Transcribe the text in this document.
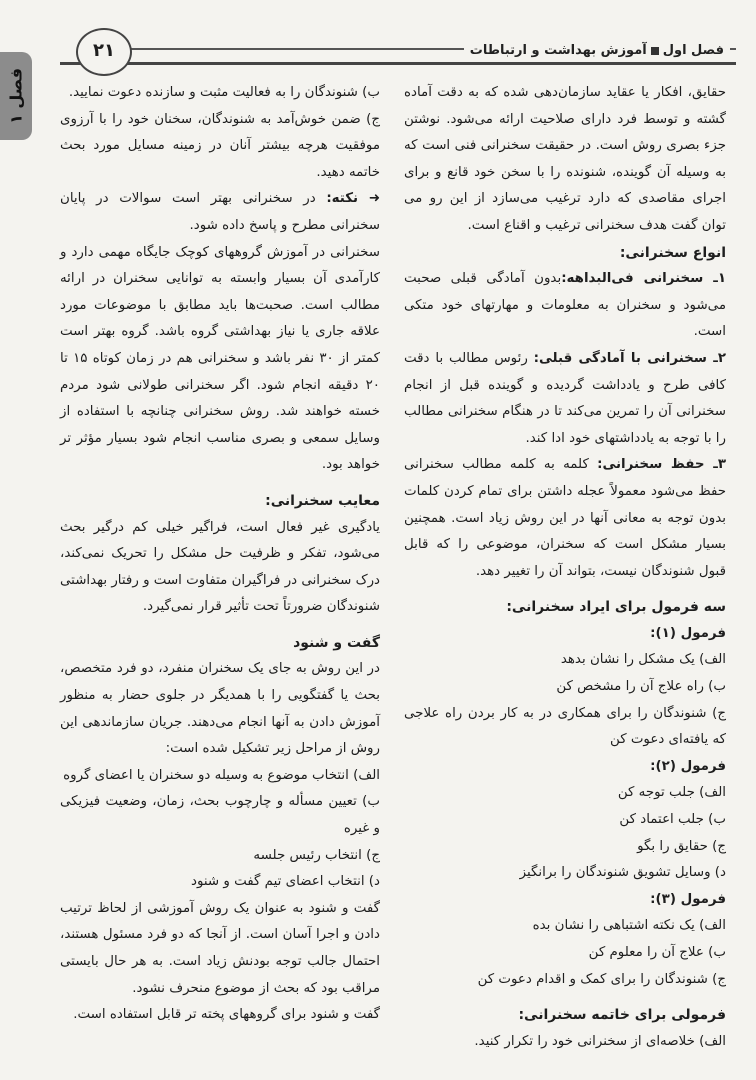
فصل اولآموزش بهداشت و ارتباطات
۲۱
فصل ۱	حقایق، افکار یا عقاید سازمان‌دهی شده که به دقت آماده گشته و توسط فرد دارای صلاحیت ارائه می‌شود. نوشتن جزء بصری روش است. در حقیقت سخنرانی فنی است که به وسیله آن گوینده، شنونده را با سخن خود قانع و برای اجرای مقاصدی که دارد ترغیب می‌سازد از این رو می توان گفت هدف سخنرانی ترغیب و اقناع است.

انواع سخنرانی:

۱ـ سخنرانی فی‌البداهه:بدون آمادگی قبلی صحبت می‌شود و سخنران به معلومات و مهارتهای خود متکی است.

۲ـ سخنرانی با آمادگی قبلی: رئوس مطالب با دقت کافی طرح و یادداشت گردیده و گوینده قبل از انجام سخنرانی آن را تمرین می‌کند تا در هنگام سخنرانی مطالب را با توجه به یادداشتهای خود ادا کند.

۳ـ حفظ سخنرانی: کلمه به کلمه مطالب سخنرانی حفظ می‌شود معمولاً عجله داشتن برای تمام کردن کلمات بدون توجه به معانی آنها در این روش زیاد است. همچنین بسیار مشکل است که سخنران، موضوعی را که قابل قبول شنوندگان نیست، بتواند آن را تغییر دهد.

سه فرمول برای ایراد سخنرانی:

فرمول (۱):

الف) یک مشکل را نشان بدهد

ب) راه علاج آن را مشخص کن

ج) شنوندگان را برای همکاری در به کار بردن راه علاجی که یافته‌ای دعوت کن

فرمول (۲):

الف) جلب توجه کن

ب) جلب اعتماد کن

ج) حقایق را بگو

د) وسایل تشویق شنوندگان را برانگیز

فرمول (۳):

الف) یک نکته اشتباهی را نشان بده

ب) علاج آن را معلوم کن

ج) شنوندگان را برای کمک و اقدام دعوت کن

فرمولی برای خاتمه سخنرانی:

الف) خلاصه‌ای از سخنرانی خود را تکرار کنید.

ب) شنوندگان را به فعالیت مثبت و سازنده دعوت نمایید.

ج) ضمن خوش‌آمد به شنوندگان، سخنان خود را با آرزوی موفقیت هرچه بیشتر آنان در زمینه مسایل مورد بحث خاتمه دهید.

➜ نکته: در سخنرانی بهتر است سوالات در پایان سخنرانی مطرح و پاسخ داده شود.

سخنرانی در آموزش گروههای کوچک جایگاه مهمی دارد و کارآمدی آن بسیار وابسته به توانایی سخنران در ارائه مطالب است. صحبت‌ها باید مطابق با موضوعات مورد علاقه جاری یا نیاز بهداشتی گروه باشد. گروه بهتر است کمتر از ۳۰ نفر باشد و سخنرانی هم در زمان کوتاه ۱۵ تا ۲۰ دقیقه انجام شود. اگر سخنرانی طولانی شود مردم خسته خواهند شد. روش سخنرانی چنانچه با استفاده از وسایل سمعی و بصری مناسب انجام شود بسیار مؤثر تر خواهد بود.

معایب سخنرانی:

یادگیری غیر فعال است، فراگیر خیلی کم درگیر بحث می‌شود، تفکر و ظرفیت حل مشکل را تحریک نمی‌کند، درک سخنرانی در فراگیران متفاوت است و رفتار بهداشتی شنوندگان ضرورتاً تحت تأثیر قرار نمی‌گیرد.

گفت و شنود

در این روش به جای یک سخنران منفرد، دو فرد متخصص، بحث یا گفتگویی را با همدیگر در جلوی حضار به منظور آموزش دادن به آنها انجام می‌دهند. جریان سازماندهی این روش از مراحل زیر تشکیل شده است:

الف) انتخاب موضوع به وسیله دو سخنران یا اعضای گروه

ب) تعیین مسأله و چارچوب بحث، زمان، وضعیت فیزیکی و غیره

ج) انتخاب رئیس جلسه

د) انتخاب اعضای تیم گفت و شنود

گفت و شنود به عنوان یک روش آموزشی از لحاظ ترتیب دادن و اجرا آسان است. از آنجا که دو فرد مسئول هستند، احتمال جالب توجه بودنش زیاد است. به هر حال بایستی مراقب بود که بحث از موضوع منحرف نشود.

گفت و شنود برای گروههای پخته تر قابل استفاده است.
